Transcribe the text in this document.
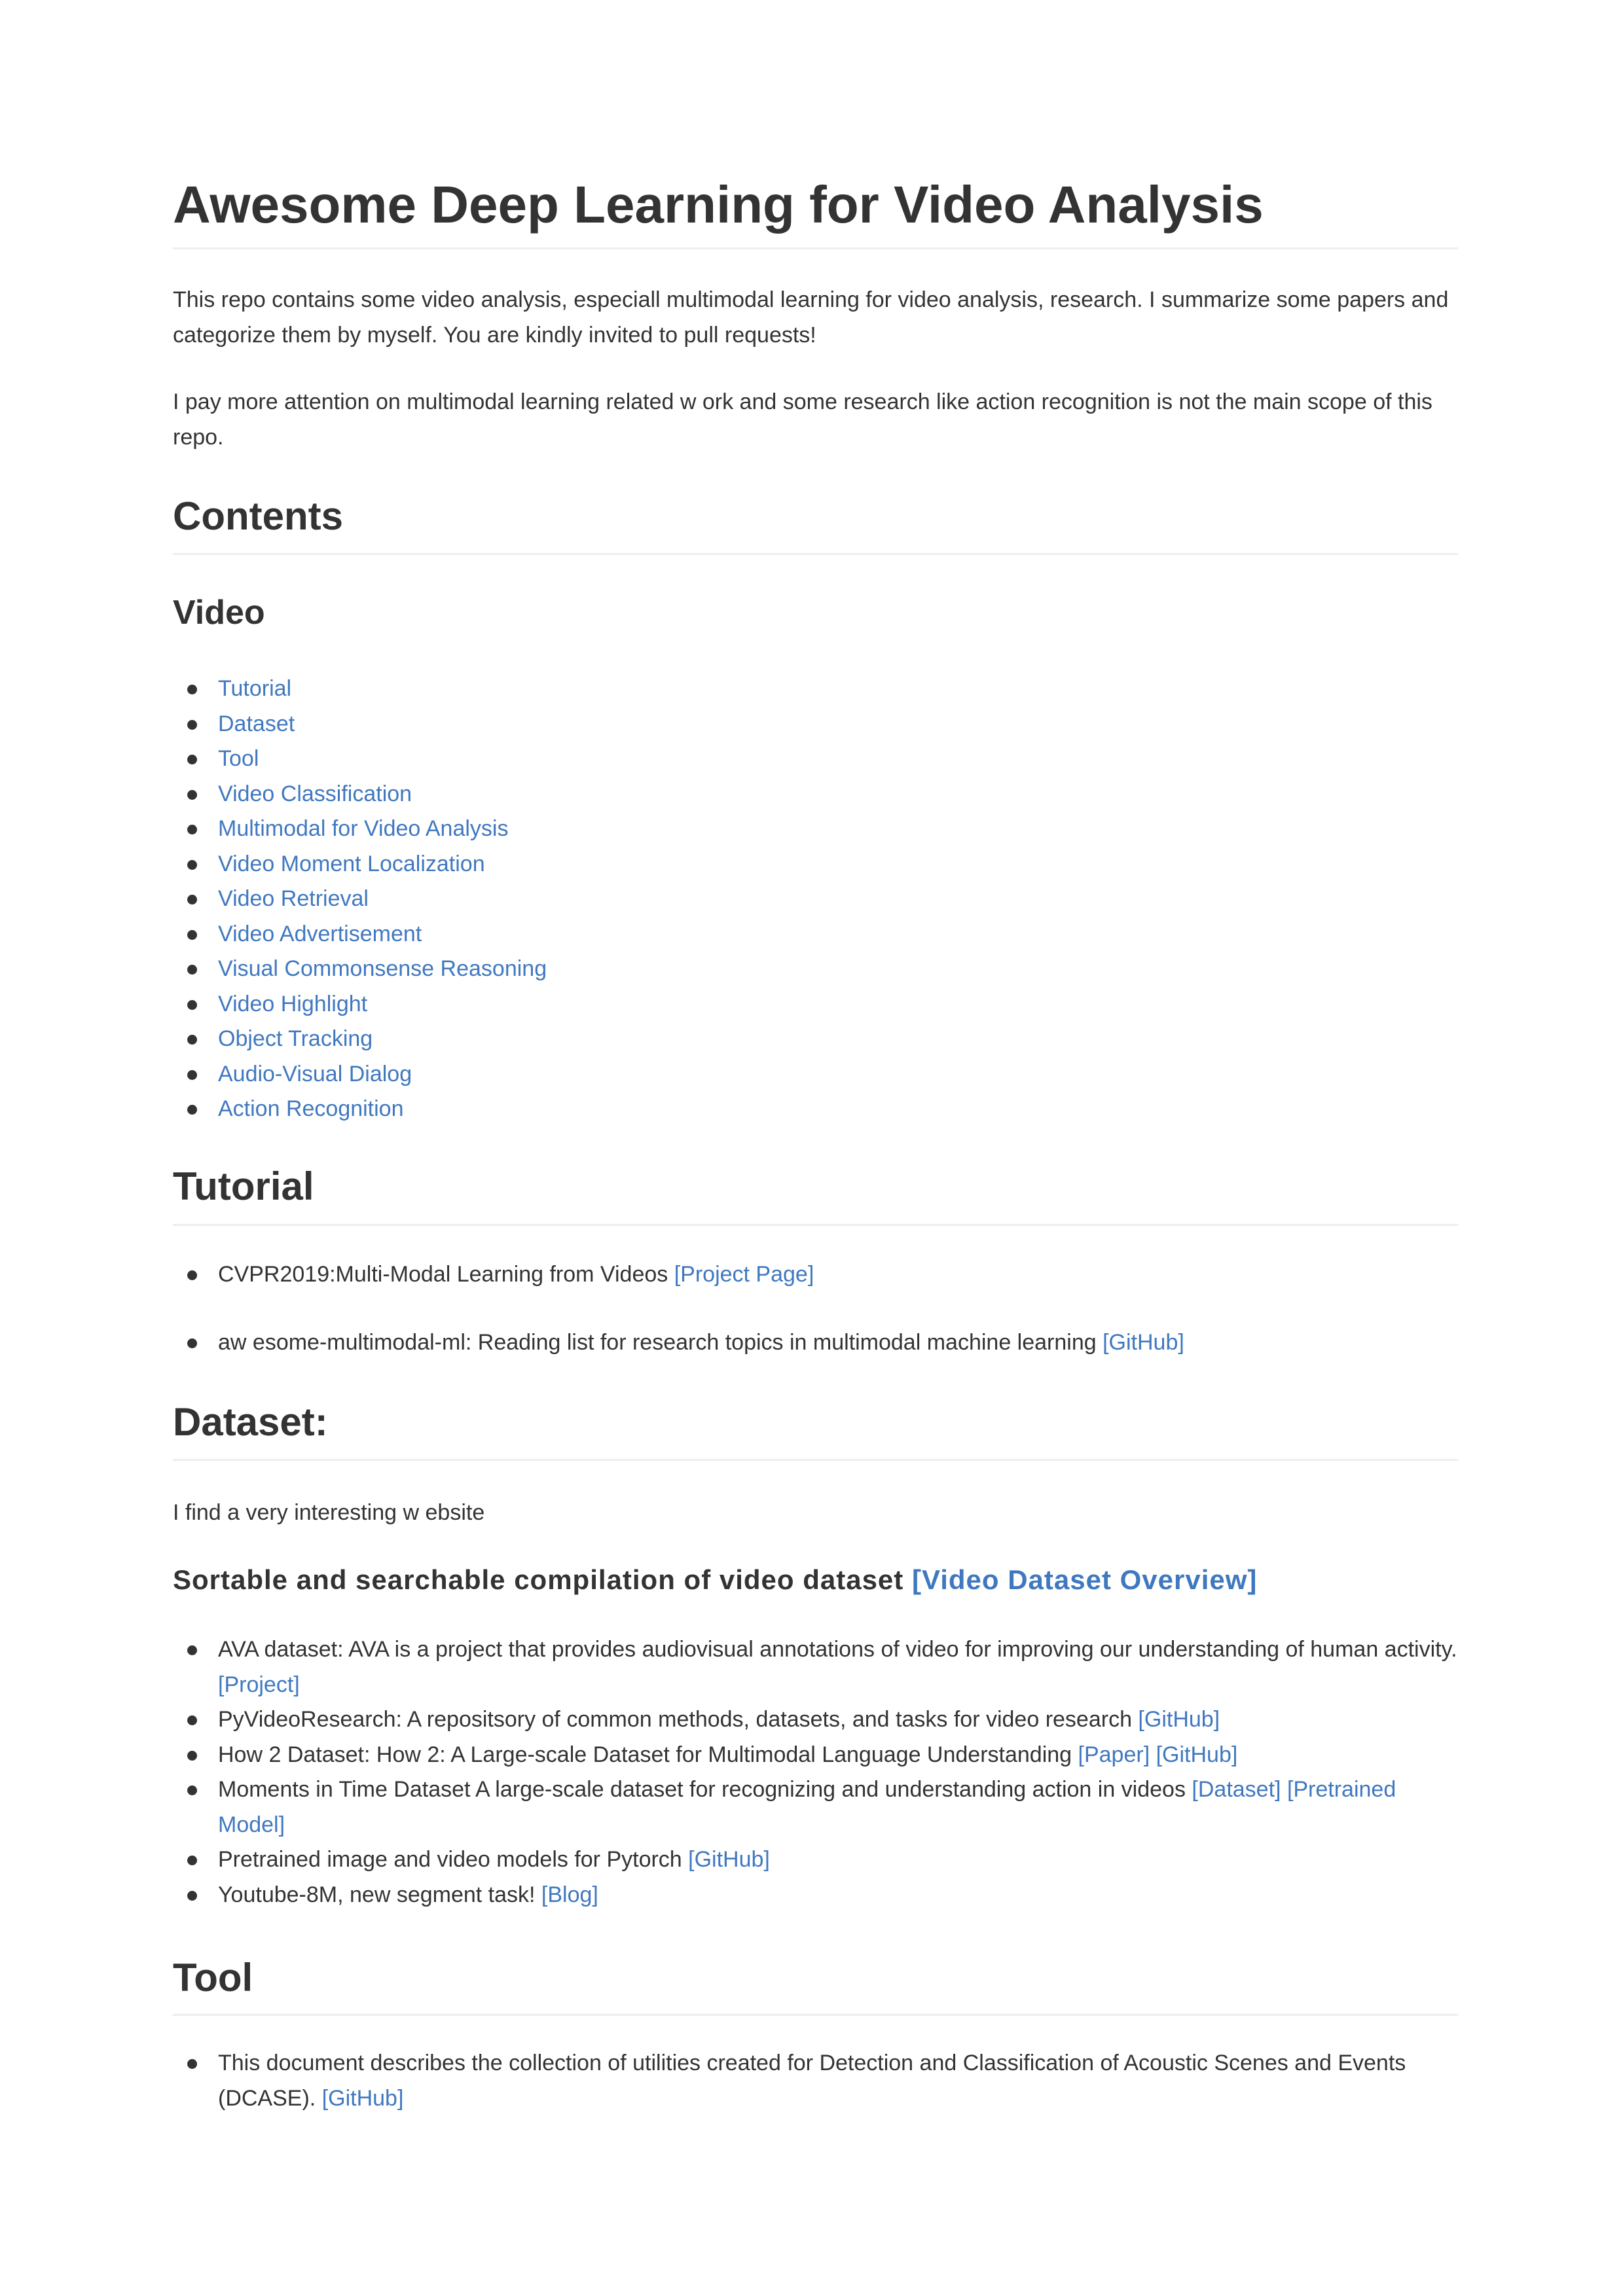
Awesome Deep Learning for Video Analysis

This repo contains some video analysis, especiall multimodal learning for video analysis, research. I summarize some papers and categorize them by myself. You are kindly invited to pull requests!

I pay more attention on multimodal learning related w ork and some research like action recognition is not the main scope of this repo.

Contents
Video
Tutorial
Dataset
Tool
Video Classification
Multimodal for Video Analysis
Video Moment Localization
Video Retrieval
Video Advertisement
Visual Commonsense Reasoning
Video Highlight
Object Tracking
Audio-Visual Dialog
Action Recognition
Tutorial
CVPR2019:Multi-Modal Learning from Videos [Project Page]
aw esome-multimodal-ml: Reading list for research topics in multimodal machine learning [GitHub]
Dataset:

I find a very interesting w ebsite

Sortable and searchable compilation of video dataset [Video Dataset Overview]
AVA dataset: AVA is a project that provides audiovisual annotations of video for improving our understanding of human activity. [Project]
PyVideoResearch: A repositsory of common methods, datasets, and tasks for video research [GitHub]
How 2 Dataset: How 2: A Large-scale Dataset for Multimodal Language Understanding [Paper] [GitHub]
Moments in Time Dataset A large-scale dataset for recognizing and understanding action in videos [Dataset] [Pretrained Model]
Pretrained image and video models for Pytorch [GitHub]
Youtube-8M, new segment task! [Blog]
Tool
This document describes the collection of utilities created for Detection and Classification of Acoustic Scenes and Events (DCASE). [GitHub]
